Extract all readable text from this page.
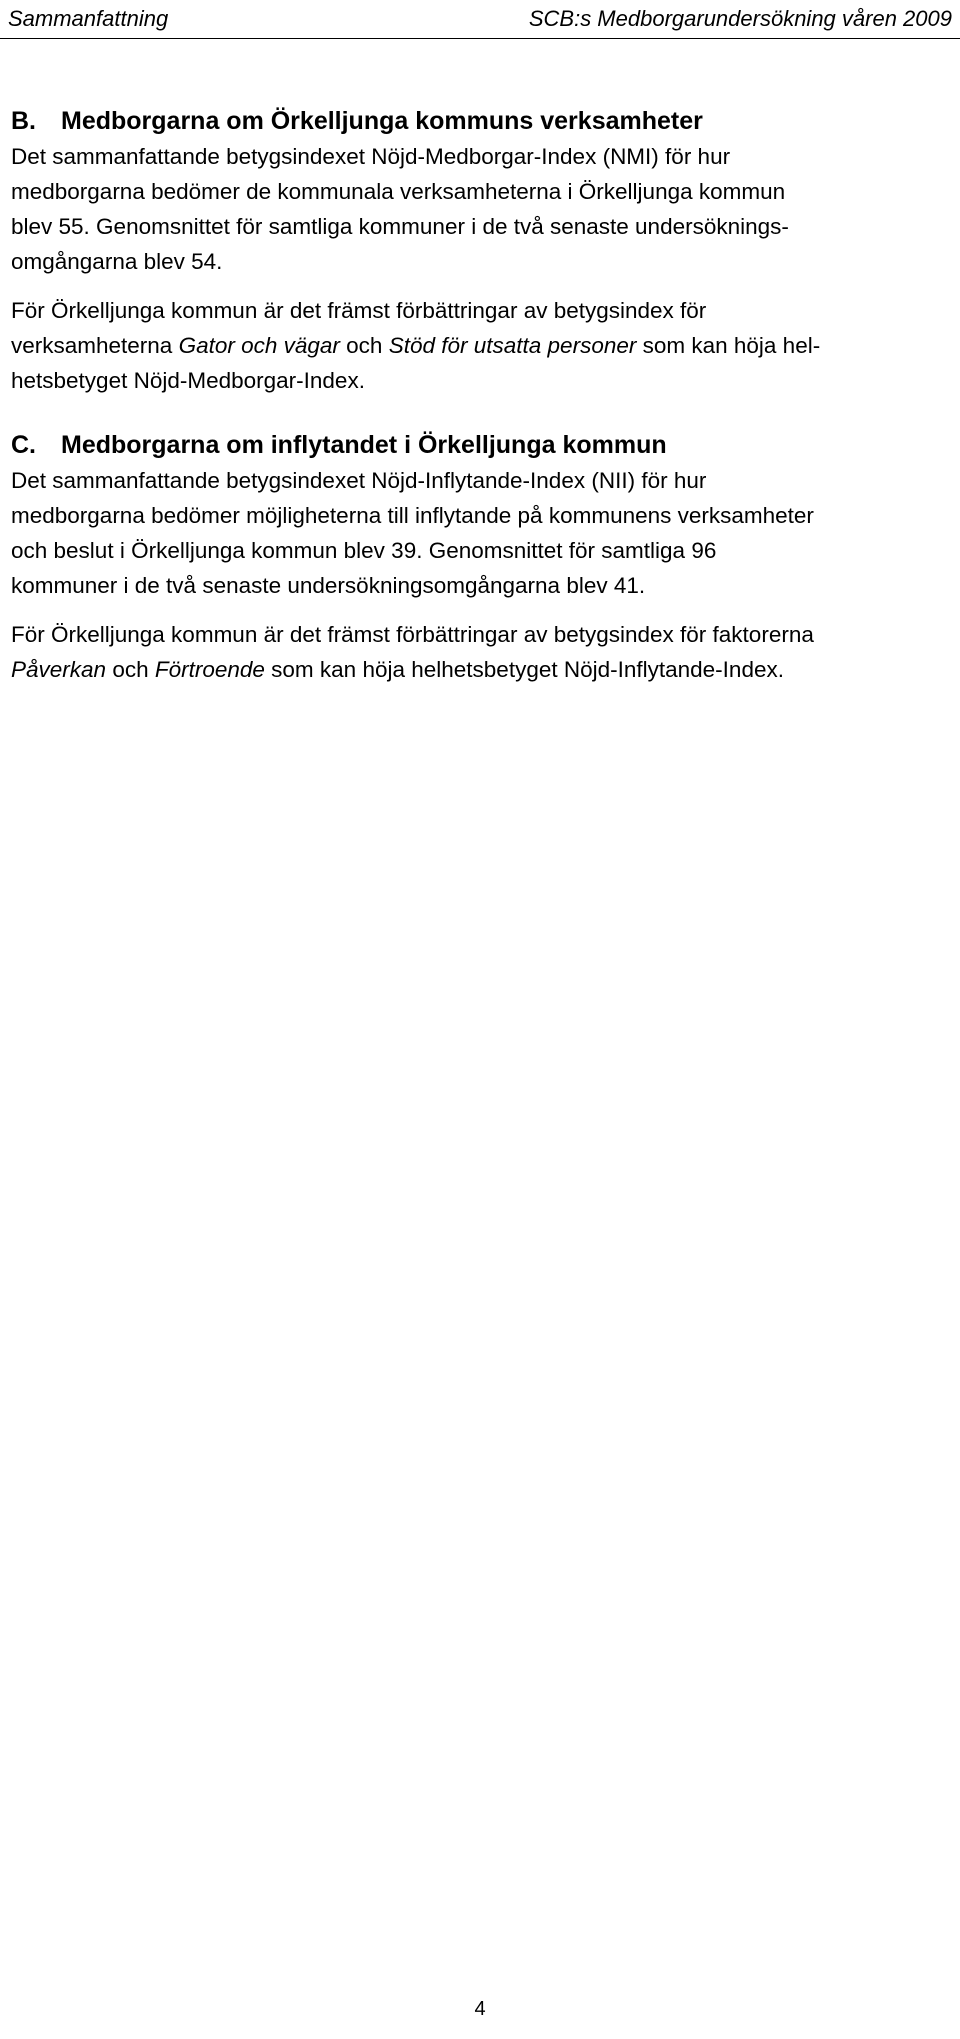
Sammanfattning	SCB:s Medborgarundersökning våren 2009
B. Medborgarna om Örkelljunga kommuns verksamheter

Det sammanfattande betygsindexet Nöjd-Medborgar-Index (NMI) för hur
medborgarna bedömer de kommunala verksamheterna i Örkelljunga kommun
blev 55. Genomsnittet för samtliga kommuner i de två senaste undersöknings-
omgångarna blev 54.

För Örkelljunga kommun är det främst förbättringar av betygsindex för
verksamheterna Gator och vägar och Stöd för utsatta personer som kan höja hel-
hetsbetyget Nöjd-Medborgar-Index.

C. Medborgarna om inflytandet i Örkelljunga kommun

Det sammanfattande betygsindexet Nöjd-Inflytande-Index (NII) för hur
medborgarna bedömer möjligheterna till inflytande på kommunens verksamheter
och beslut i Örkelljunga kommun blev 39. Genomsnittet för samtliga 96
kommuner i de två senaste undersökningsomgångarna blev 41.

För Örkelljunga kommun är det främst förbättringar av betygsindex för faktorerna
Påverkan och Förtroende som kan höja helhetsbetyget Nöjd-Inflytande-Index.

4
